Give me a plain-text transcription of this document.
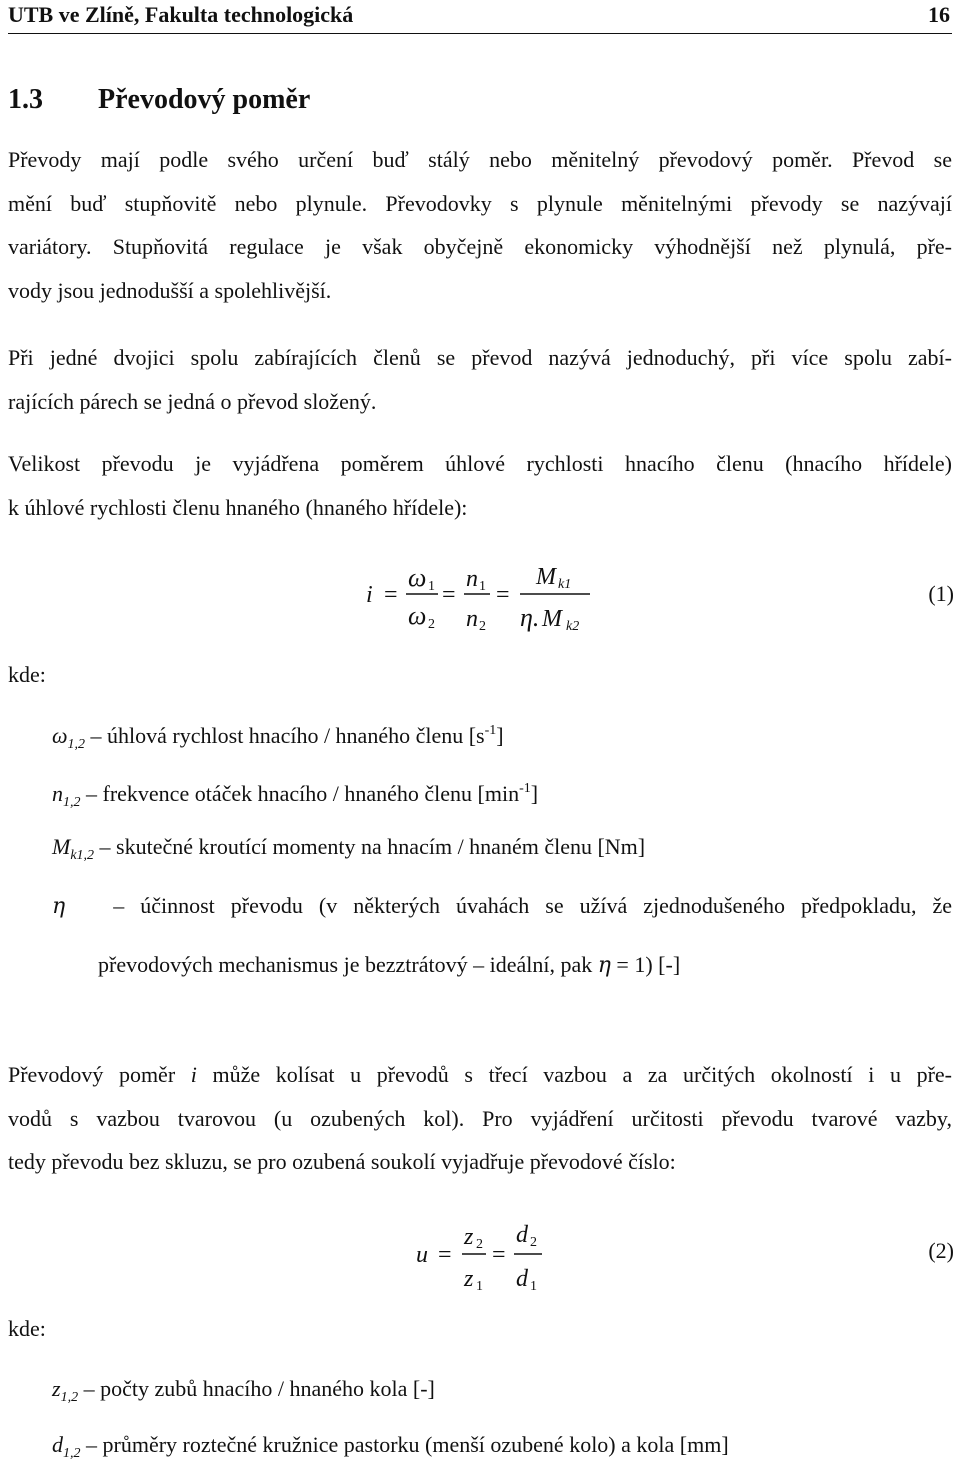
UTB ve Zlíně, Fakulta technologická	16
1.3 Převodový poměr
Převody mají podle svého určení buď stálý nebo měnitelný převodový poměr. Převod se
mění buď stupňovitě nebo plynule. Převodovky s plynule měnitelnými převody se nazývají
variátory. Stupňovitá regulace je však obyčejně ekonomicky výhodnější než plynulá, pře-
vody jsou jednodušší a spolehlivější.
Při jedné dvojici spolu zabírajících členů se převod nazývá jednoduchý, při více spolu zabí-
rajících párech se jedná o převod složený.
Velikost převodu je vyjádřena poměrem úhlové rychlosti hnacího členu (hnacího hřídele)
k úhlové rychlosti členu hnaného (hnaného hřídele):
i =
ω 1
ω 2
=
n 1
n 2
=
M k1
η. M k2
(1)
kde:
$\omega_{1,2}$ – úhlová rychlost hnacího / hnaného členu $[s^{-1}]$
$n_{1,2}$ – frekvence otáček hnacího / hnaného členu $[\min^{-1}]$
$M_{k1,2}$ – skutečné kroutící momenty na hnacím / hnaném členu [Nm]
η – účinnost převodu (v některých úvahách se užívá zjednodušeného předpokladu, že
převodových mechanismus je bezztrátový – ideální, pak η = 1) [-]
Převodový poměr i může kolísat u převodů s třecí vazbou a za určitých okolností i u pře-
vodů s vazbou tvarovou (u ozubených kol). Pro vyjádření určitosti převodu tvarové vazby,
tedy převodu bez skluzu, se pro ozubená soukolí vyjadřuje převodové číslo:
u =
z 2
z 1
=
d 2
d 1
(2)
kde:
$z_{1,2}$ – počty zubů hnacího / hnaného kola [-]
$d_{1,2}$ – průměry roztečné kružnice pastorku (menší ozubené kolo) a kola [mm]
